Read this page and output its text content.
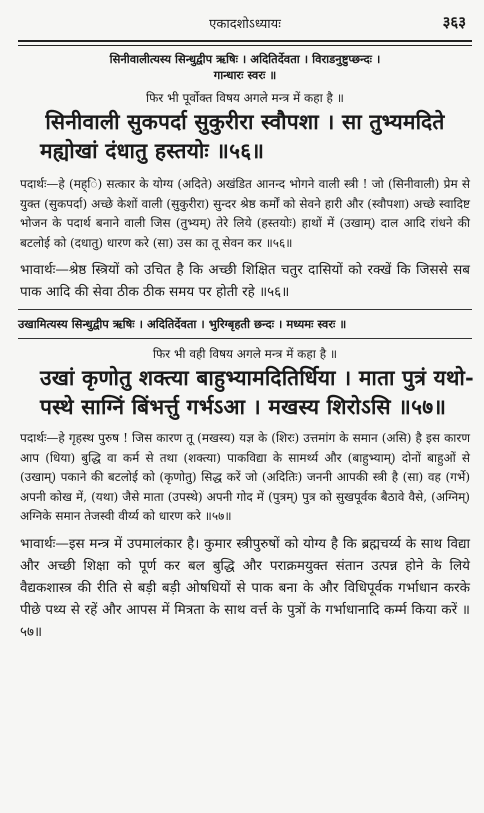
एकादशोऽध्यायः	३६३
सिनीवालीत्यस्य सिन्धुद्वीप ऋषिः । अदितिर्देवता । विराडनुष्टुप्छन्दः ।
गान्धारः स्वरः ॥
फिर भी पूर्वोक्त विषय अगले मन्त्र में कहा है ॥
सिनीवाली सुकपर्दा सुकुरीरा स्वौपशा । सा तुभ्यमदिते
मह्योखां दंधातु हस्तयोः ॥५६॥
पदार्थः—हे (मह्ि) सत्कार के योग्य (अदिते) अखंडित आनन्द भोगने वाली स्त्री ! जो (सिनीवाली) प्रेम से युक्त (सुकपर्दा) अच्छे केशों वाली (सुकुरीरा) सुन्दर श्रेष्ठ कर्मों को सेवने हारी और (स्वौपशा) अच्छे स्वादिष्ट भोजन के पदार्थ बनाने वाली जिस (तुभ्यम्) तेरे लिये (हस्तयोः) हाथों में (उखाम्) दाल आदि रांधने की बटलोई को (दधातु) धारण करे (सा) उस का तू सेवन कर ॥५६॥
भावार्थः—श्रेष्ठ स्त्रियों को उचित है कि अच्छी शिक्षित चतुर दासियों को रक्खें कि जिससे सब पाक आदि की सेवा ठीक ठीक समय पर होती रहे ॥५६॥
उखामित्यस्य सिन्धुद्वीप ऋषिः । अदितिर्देवता । भुरिग्बृहती छन्दः । मध्यमः स्वरः ॥
फिर भी वही विषय अगले मन्त्र में कहा है ॥
उखां कृणोतु शक्त्या बाहुभ्यामदितिर्धिया । माता पुत्रं यथो-
पस्थे साग्निं बिंभर्त्तु गर्भऽआ । मखस्य शिरोऽसि ॥५७॥
पदार्थः—हे गृहस्थ पुरुष ! जिस कारण तू (मखस्य) यज्ञ के (शिरः) उत्तमांग के समान (असि) है इस कारण आप (धिया) बुद्धि वा कर्म से तथा (शक्त्या) पाकविद्या के सामर्थ्य और (बाहुभ्याम्) दोनों बाहुओं से (उखाम्) पकाने की बटलोई को (कृणोतु) सिद्ध करें जो (अदितिः) जननी आपकी स्त्री है (सा) वह (गर्भे) अपनी कोख में, (यथा) जैसे माता (उपस्थे) अपनी गोद में (पुत्रम्) पुत्र को सुखपूर्वक बैठावे वैसे, (अग्निम्) अग्निके समान तेजस्वी वीर्य्य को धारण करे ॥५७॥
भावार्थः—इस मन्त्र में उपमालंकार है। कुमार स्त्रीपुरुषों को योग्य है कि ब्रह्मचर्य्य के साथ विद्या और अच्छी शिक्षा को पूर्ण कर बल बुद्धि और पराक्रमयुक्त संतान उत्पन्न होने के लिये वैद्यकशास्त्र की रीति से बड़ी बड़ी ओषधियों से पाक बना के और विधिपूर्वक गर्भाधान करके पीछे पथ्य से रहें और आपस में मित्रता के साथ वर्त्त के पुत्रों के गर्भाधानादि कर्म्म किया करें ॥५७॥
